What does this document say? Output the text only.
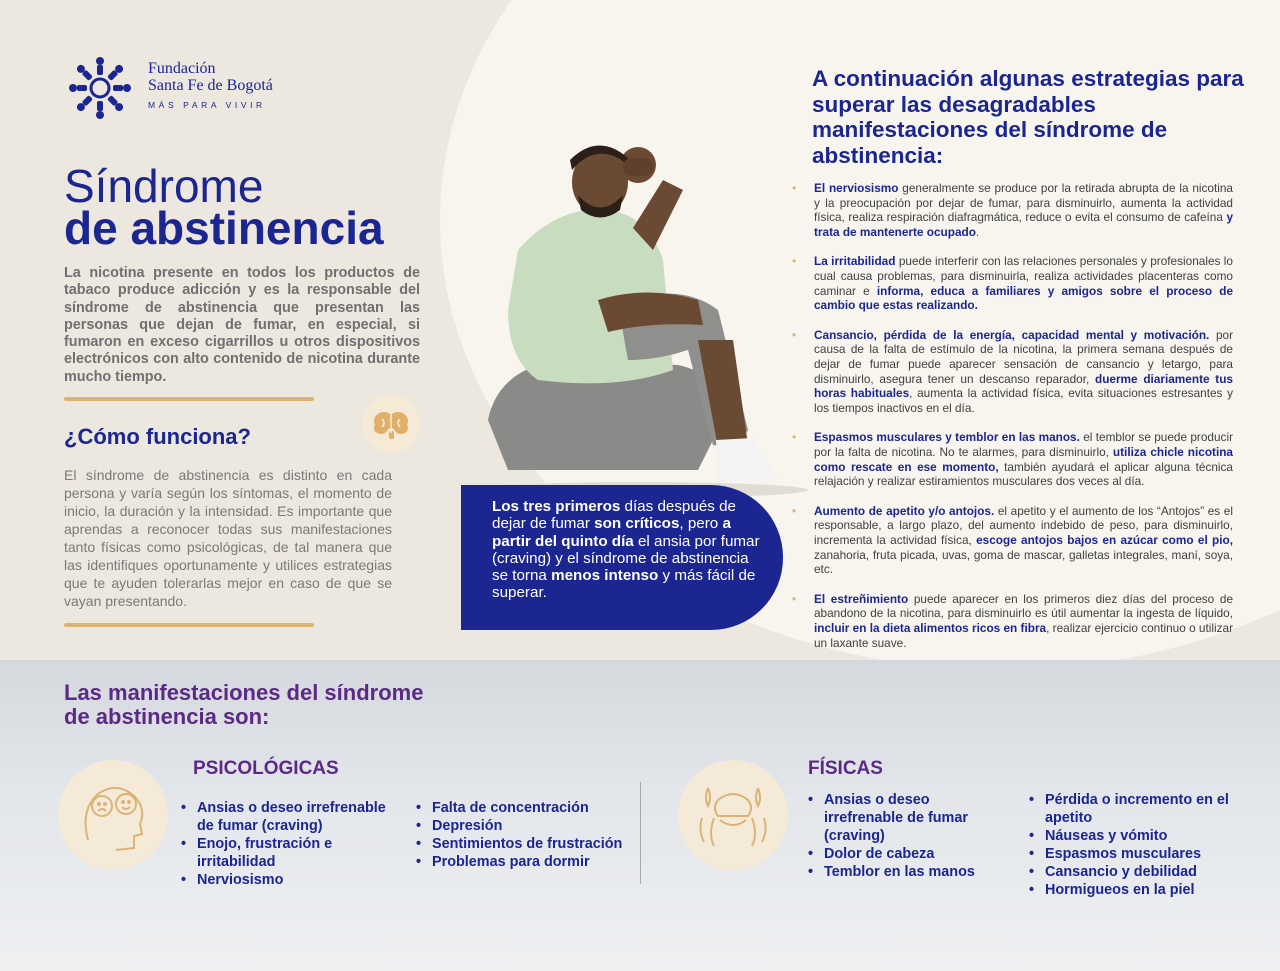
Fundación
Santa Fe de Bogotá
MÁS PARA VIVIR
Síndrome
de abstinencia
La nicotina presente en todos los productos de tabaco produce adicción y es la responsable del síndrome de abstinencia que presentan las personas que dejan de fumar, en especial, si fumaron en exceso cigarrillos u otros dispositivos electrónicos con alto contenido de nicotina durante mucho tiempo.
¿Cómo funciona?
El síndrome de abstinencia es distinto en cada persona y varía según los síntomas, el momento de inicio, la duración y la intensidad. Es importante que aprendas a reconocer todas sus manifestaciones tanto físicas como psicológicas, de tal manera que las identifiques oportunamente y utilices estrategias que te ayuden tolerarlas mejor en caso de que se vayan presentando.
Los tres primeros días después de dejar de fumar son críticos, pero a partir del quinto día el ansia por fumar (craving) y el síndrome de abstinencia se torna menos intenso y más fácil de superar.
A continuación algunas estrategias para superar las desagradables manifestaciones del síndrome de abstinencia:
• El nerviosismo generalmente se produce por la retirada abrupta de la nicotina y la preocupación por dejar de fumar, para disminuirlo, aumenta la actividad física, realiza respiración diafragmática, reduce o evita el consumo de cafeína y trata de mantenerte ocupado.
• La irritabilidad puede interferir con las relaciones personales y profesionales lo cual causa problemas, para disminuirla, realiza actividades placenteras como caminar e informa, educa a familiares y amigos sobre el proceso de cambio que estas realizando.
• Cansancio, pérdida de la energía, capacidad mental y motivación. por causa de la falta de estímulo de la nicotina, la primera semana después de dejar de fumar puede aparecer sensación de cansancio y letargo, para disminuirlo, asegura tener un descanso reparador, duerme diariamente tus horas habituales, aumenta la actividad física, evita situaciones estresantes y los tiempos inactivos en el día.
• Espasmos musculares y temblor en las manos. el temblor se puede producir por la falta de nicotina. No te alarmes, para disminuirlo, utiliza chicle nicotina como rescate en ese momento, también ayudará el aplicar alguna técnica relajación y realizar estiramientos musculares dos veces al día.
• Aumento de apetito y/o antojos. el apetito y el aumento de los “Antojos” es el responsable, a largo plazo, del aumento indebido de peso, para disminuirlo, incrementa la actividad física, escoge antojos bajos en azúcar como el pio, zanahoria, fruta picada, uvas, goma de mascar, galletas integrales, maní, soya, etc.
• El estreñimiento puede aparecer en los primeros diez días del proceso de abandono de la nicotina, para disminuirlo es útil aumentar la ingesta de líquido, incluir en la dieta alimentos ricos en fibra, realizar ejercicio continuo o utilizar un laxante suave.
Las manifestaciones del síndrome
de abstinencia son:
PSICOLÓGICAS
• Ansias o deseo irrefrenable de fumar (craving)
• Enojo, frustración e irritabilidad
• Nerviosismo
• Falta de concentración
• Depresión
• Sentimientos de frustración
• Problemas para dormir
FÍSICAS
• Ansias o deseo irrefrenable de fumar (craving)
• Dolor de cabeza
• Temblor en las manos
• Pérdida o incremento en el apetito
• Náuseas y vómito
• Espasmos musculares
• Cansancio y debilidad
• Hormigueos en la piel
